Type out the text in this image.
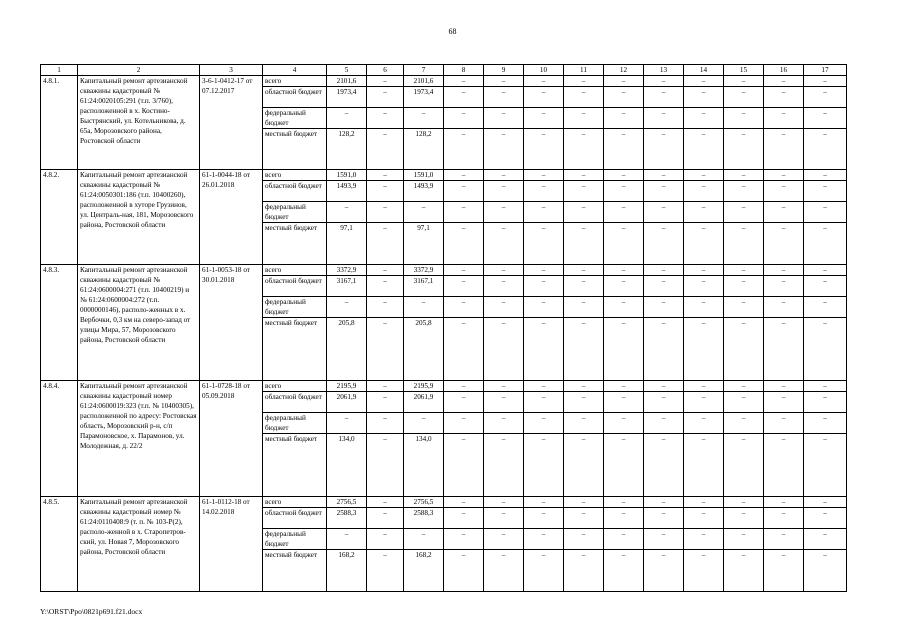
68
1	2	3	4	5	6	7	8	9	10	11	12	13	14	15	16	17
4.8.1.	Капитальный ремонт артезианской скважины кадастровый № 61:24:0020105:291 (т.п. 3/760), расположенной в х. Костино-Быстрянский, ул. Котельникова, д. 65а, Морозовского района, Ростовской области	3-6-1-0412-17 от 07.12.2017	всего	2101,6	–	2101,6	–	–	–	–	–	–	–	–	–	–
			областной бюджет	1973,4	–	1973,4	–	–	–	–	–	–	–	–	–	–
			федеральный бюджет	–	–	–	–	–	–	–	–	–	–	–	–	–
			местный бюджет	128,2	–	128,2	–	–	–	–	–	–	–	–	–	–
4.8.2.	Капитальный ремонт артезианской скважины кадастровый № 61:24:0050301:186 (т.п. 10400260), расположенной в хуторе Грузинов, ул. Централь-ная, 181, Морозовского района, Ростовской области	61-1-0044-18 от 26.01.2018	всего	1591,0	–	1591,0	–	–	–	–	–	–	–	–	–	–
			областной бюджет	1493,9	–	1493,9	–	–	–	–	–	–	–	–	–	–
			федеральный бюджет	–	–	–	–	–	–	–	–	–	–	–	–	–
			местный бюджет	97,1	–	97,1	–	–	–	–	–	–	–	–	–	–
4.8.3.	Капитальный ремонт артезианской скважины кадастровый № 61:24:0600004:271 (т.п. 10400219) и № 61:24:0600004:272 (т.п. 0000000146), располо-женных в х. Вербочки, 0,3 км на северо-запад от улицы Мира, 57, Морозовского района, Ростовской области	61-1-0053-18 от 30.01.2018	всего	3372,9	–	3372,9	–	–	–	–	–	–	–	–	–	–
			областной бюджет	3167,1	–	3167,1	–	–	–	–	–	–	–	–	–	–
			федеральный бюджет	–	–	–	–	–	–	–	–	–	–	–	–	–
			местный бюджет	205,8	–	205,8	–	–	–	–	–	–	–	–	–	–
4.8.4.	Капитальный ремонт артезианской скважины кадастровый номер 61:24:0600019:323 (т.п. № 10400305), расположенной по адресу: Ростовская область, Морозовский р-н, с/п Парамоновское, х. Парамонов, ул. Молодежная, д. 22/2	61-1-0728-18 от 05.09.2018	всего	2195,9	–	2195,9	–	–	–	–	–	–	–	–	–	–
			областной бюджет	2061,9	–	2061,9	–	–	–	–	–	–	–	–	–	–
			федеральный бюджет	–	–	–	–	–	–	–	–	–	–	–	–	–
			местный бюджет	134,0	–	134,0	–	–	–	–	–	–	–	–	–	–
4.8.5.	Капитальный ремонт артезианской скважины кадастровый номер № 61:24:0110408:9 (т. п. № 103-Р(2), располо-женной в х. Старопетров-ский, ул. Новая 7, Морозовского района, Ростовской области	61-1-0112-18 от 14.02.2018	всего	2756,5	–	2756,5	–	–	–	–	–	–	–	–	–	–
			областной бюджет	2588,3	–	2588,3	–	–	–	–	–	–	–	–	–	–
			федеральный бюджет	–	–	–	–	–	–	–	–	–	–	–	–	–
			местный бюджет	168,2	–	168,2	–	–	–	–	–	–	–	–	–	–
Y:\ORST\Ppo\0821p691.f21.docx
